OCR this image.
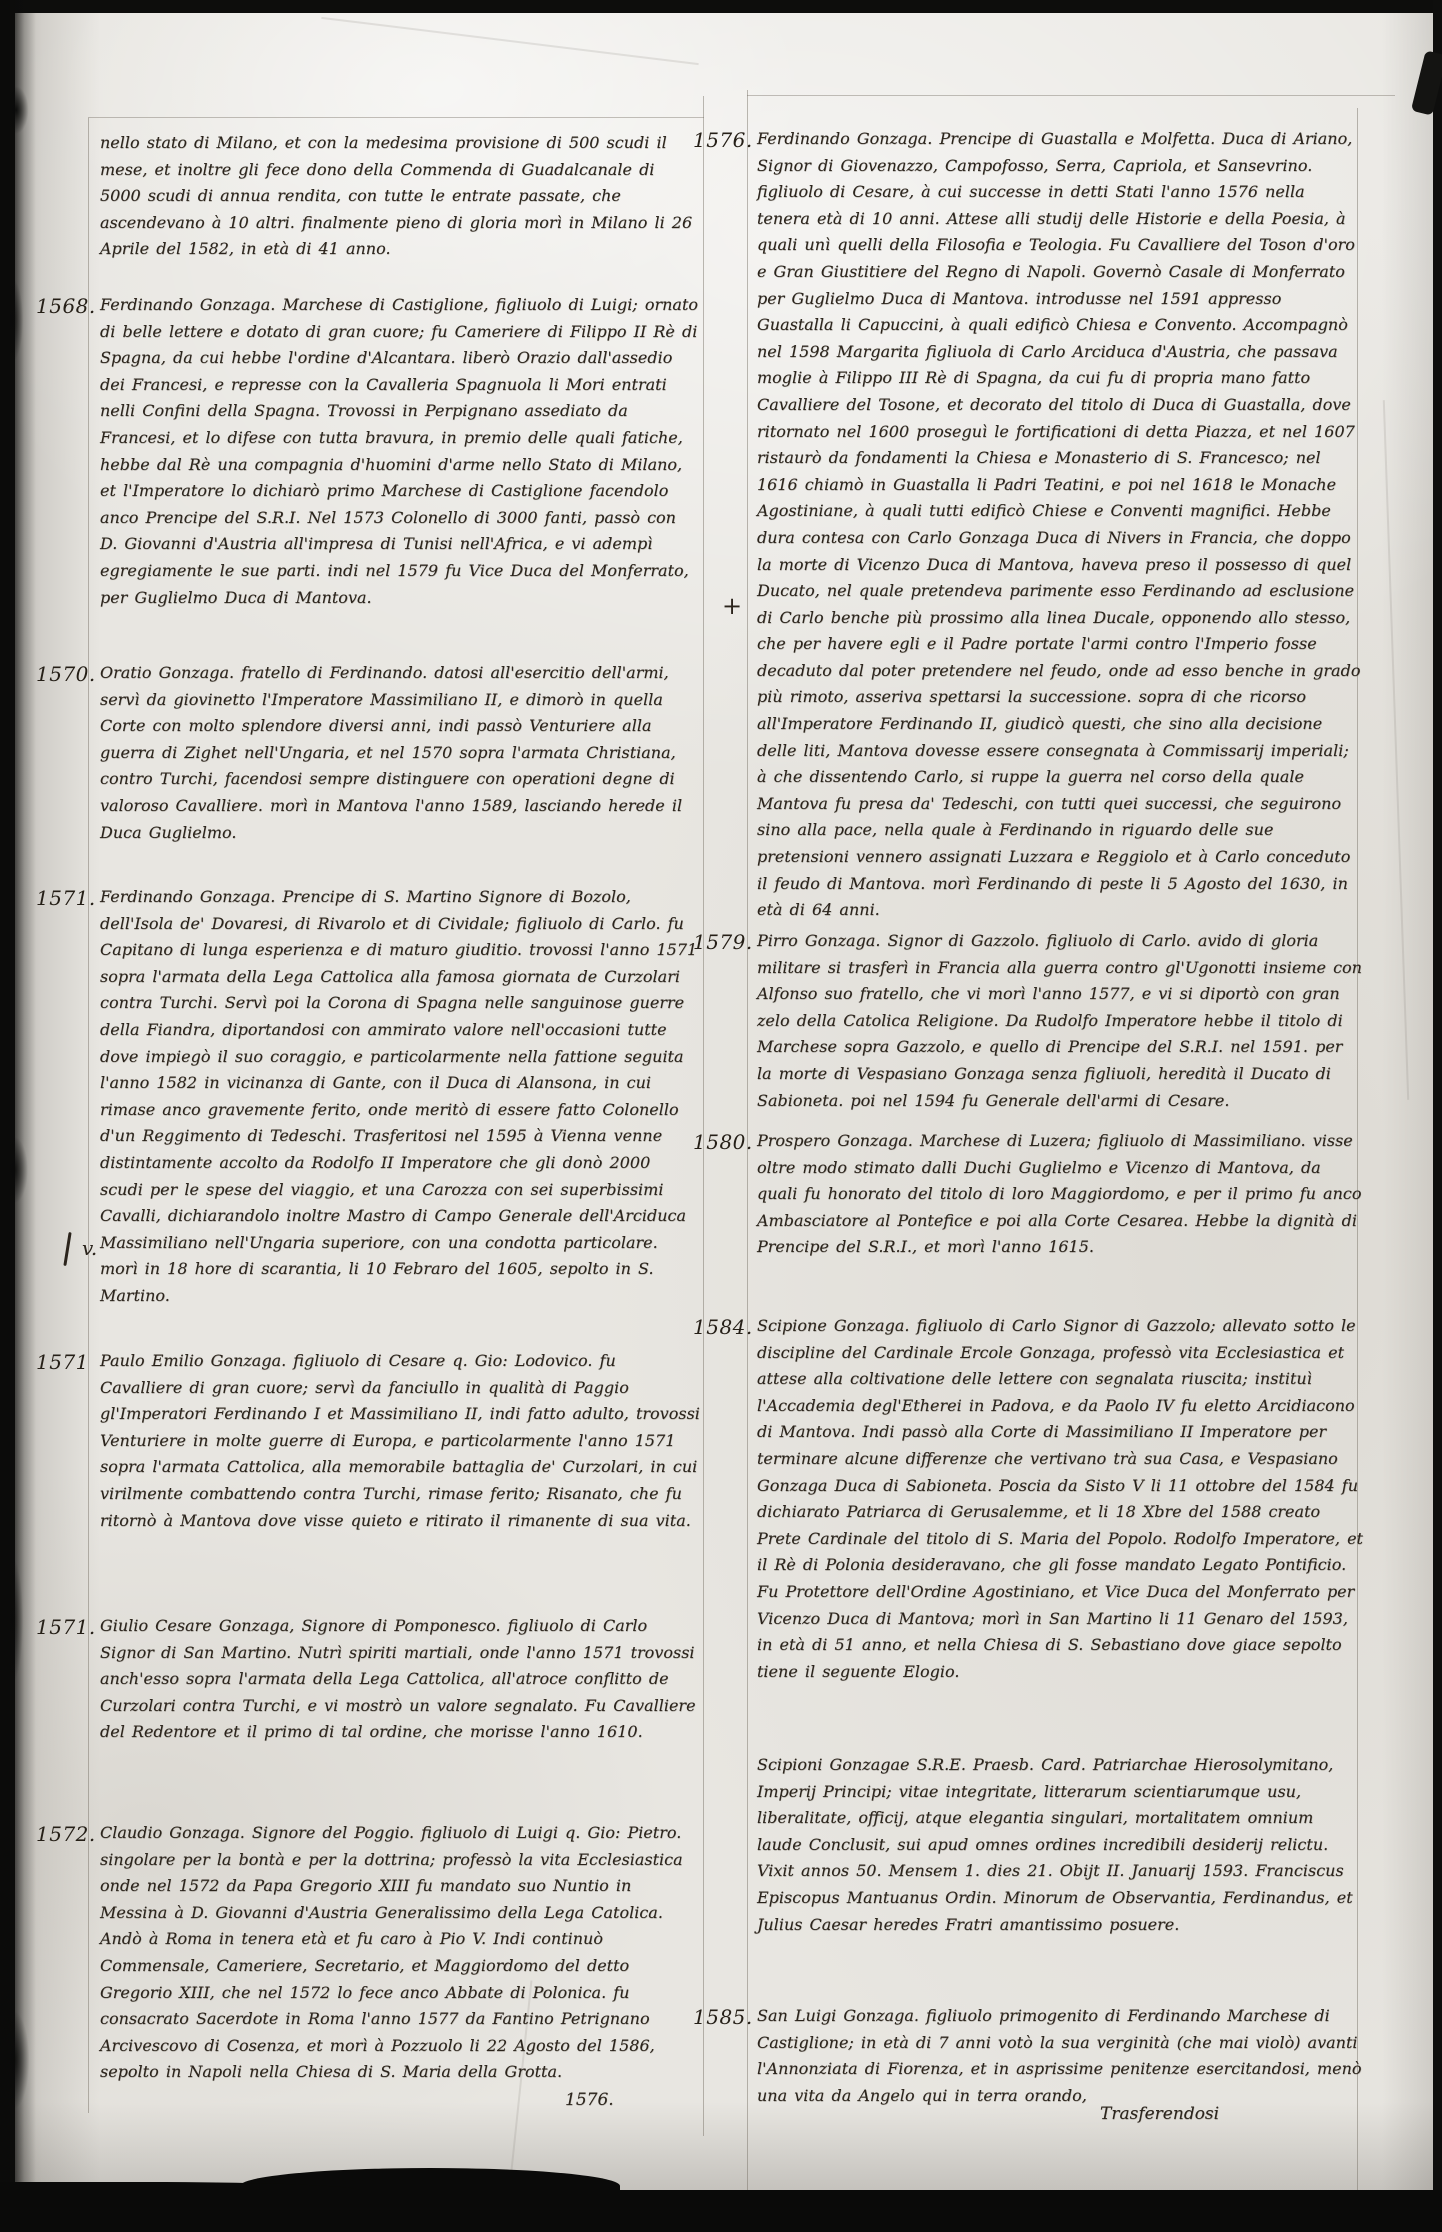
nello stato di Milano, et con la medesima provisione di 500 scudi il mese, et inoltre gli fece dono della Commenda di Guadalcanale di 5000 scudi di annua rendita, con tutte le entrate passate, che ascendevano à 10 altri. finalmente pieno di gloria morì in Milano li 26 Aprile del 1582, in età di 41 anno.
1568. Ferdinando Gonzaga. Marchese di Castiglione, figliuolo di Luigi; ornato di belle lettere e dotato di gran cuore; fu Cameriere di Filippo II Rè di Spagna, da cui hebbe l'ordine d'Alcantara. liberò Orazio dall'assedio dei Francesi, e represse con la Cavalleria Spagnuola li Mori entrati nelli Confini della Spagna. Trovossi in Perpignano assediato da Francesi, et lo difese con tutta bravura, in premio delle quali fatiche, hebbe dal Rè una compagnia d'huomini d'arme nello Stato di Milano, et l'Imperatore lo dichiarò primo Marchese di Castiglione facendolo anco Prencipe del S.R.I. Nel 1573 Colonello di 3000 fanti, passò con D. Giovanni d'Austria all'impresa di Tunisi nell'Africa, e vi adempì egregiamente le sue parti. indi nel 1579 fu Vice Duca del Monferrato, per Guglielmo Duca di Mantova.
1570. Oratio Gonzaga. fratello di Ferdinando. datosi all'esercitio dell'armi, servì da giovinetto l'Imperatore Massimiliano II, e dimorò in quella Corte con molto splendore diversi anni, indi passò Venturiere alla guerra di Zighet nell'Ungaria, et nel 1570 sopra l'armata Christiana, contro Turchi, facendosi sempre distinguere con operationi degne di valoroso Cavalliere. morì in Mantova l'anno 1589, lasciando herede il Duca Guglielmo.
1571. Ferdinando Gonzaga. Prencipe di S. Martino Signore di Bozolo, dell'Isola de' Dovaresi, di Rivarolo et di Cividale; figliuolo di Carlo. fu Capitano di lunga esperienza e di maturo giuditio. trovossi l'anno 1571 sopra l'armata della Lega Cattolica alla famosa giornata de Curzolari contra Turchi. Servì poi la Corona di Spagna nelle sanguinose guerre della Fiandra, diportandosi con ammirato valore nell'occasioni tutte dove impiegò il suo coraggio, e particolarmente nella fattione seguita l'anno 1582 in vicinanza di Gante, con il Duca di Alansona, in cui rimase anco gravemente ferito, onde meritò di essere fatto Colonello d'un Reggimento di Tedeschi. Trasferitosi nel 1595 à Vienna venne distintamente accolto da Rodolfo II Imperatore che gli donò 2000 scudi per le spese del viaggio, et una Carozza con sei superbissimi Cavalli, dichiarandolo inoltre Mastro di Campo Generale dell'Arciduca Massimiliano nell'Ungaria superiore, con una condotta particolare. morì in 18 hore di scarantia, li 10 Febraro del 1605, sepolto in S. Martino.
1571 Paulo Emilio Gonzaga. figliuolo di Cesare q. Gio: Lodovico. fu Cavalliere di gran cuore; servì da fanciullo in qualità di Paggio gl'Imperatori Ferdinando I et Massimiliano II, indi fatto adulto, trovossi Venturiere in molte guerre di Europa, e particolarmente l'anno 1571 sopra l'armata Cattolica, alla memorabile battaglia de' Curzolari, in cui virilmente combattendo contra Turchi, rimase ferito; Risanato, che fu ritornò à Mantova dove visse quieto e ritirato il rimanente di sua vita.
1571. Giulio Cesare Gonzaga, Signore di Pomponesco. figliuolo di Carlo Signor di San Martino. Nutrì spiriti martiali, onde l'anno 1571 trovossi anch'esso sopra l'armata della Lega Cattolica, all'atroce conflitto de Curzolari contra Turchi, e vi mostrò un valore segnalato. Fu Cavalliere del Redentore et il primo di tal ordine, che morisse l'anno 1610.
1572. Claudio Gonzaga. Signore del Poggio. figliuolo di Luigi q. Gio: Pietro. singolare per la bontà e per la dottrina; professò la vita Ecclesiastica onde nel 1572 da Papa Gregorio XIII fu mandato suo Nuntio in Messina à D. Giovanni d'Austria Generalissimo della Lega Catolica. Andò à Roma in tenera età et fu caro à Pio V. Indi continuò Commensale, Cameriere, Secretario, et Maggiordomo del detto Gregorio XIII, che nel 1572 lo fece anco Abbate di Polonica. fu consacrato Sacerdote in Roma l'anno 1577 da Fantino Petrignano Arcivescovo di Cosenza, et morì à Pozzuolo li 22 Agosto del 1586, sepolto in Napoli nella Chiesa di S. Maria della Grotta.
1576.
1576. Ferdinando Gonzaga. Prencipe di Guastalla e Molfetta. Duca di Ariano, Signor di Giovenazzo, Campofosso, Serra, Capriola, et Sansevrino. figliuolo di Cesare, à cui successe in detti Stati l'anno 1576 nella tenera età di 10 anni. Attese alli studij delle Historie e della Poesia, à quali unì quelli della Filosofia e Teologia. Fu Cavalliere del Toson d'oro e Gran Giustitiere del Regno di Napoli. Governò Casale di Monferrato per Guglielmo Duca di Mantova. introdusse nel 1591 appresso Guastalla li Capuccini, à quali edificò Chiesa e Convento. Accompagnò nel 1598 Margarita figliuola di Carlo Arciduca d'Austria, che passava moglie à Filippo III Rè di Spagna, da cui fu di propria mano fatto Cavalliere del Tosone, et decorato del titolo di Duca di Guastalla, dove ritornato nel 1600 proseguì le fortificationi di detta Piazza, et nel 1607 ristaurò da fondamenti la Chiesa e Monasterio di S. Francesco; nel 1616 chiamò in Guastalla li Padri Teatini, e poi nel 1618 le Monache Agostiniane, à quali tutti edificò Chiese e Conventi magnifici. Hebbe dura contesa con Carlo Gonzaga Duca di Nivers in Francia, che doppo la morte di Vicenzo Duca di Mantova, haveva preso il possesso di quel Ducato, nel quale pretendeva parimente esso Ferdinando ad esclusione di Carlo benche più prossimo alla linea Ducale, opponendo allo stesso, che per havere egli e il Padre portate l'armi contro l'Imperio fosse decaduto dal poter pretendere nel feudo, onde ad esso benche in grado più rimoto, asseriva spettarsi la successione. sopra di che ricorso all'Imperatore Ferdinando II, giudicò questi, che sino alla decisione delle liti, Mantova dovesse essere consegnata à Commissarij imperiali; à che dissentendo Carlo, si ruppe la guerra nel corso della quale Mantova fu presa da' Tedeschi, con tutti quei successi, che seguirono sino alla pace, nella quale à Ferdinando in riguardo delle sue pretensioni vennero assignati Luzzara e Reggiolo et à Carlo conceduto il feudo di Mantova. morì Ferdinando di peste li 5 Agosto del 1630, in età di 64 anni.
1579. Pirro Gonzaga. Signor di Gazzolo. figliuolo di Carlo. avido di gloria militare si trasferì in Francia alla guerra contro gl'Ugonotti insieme con Alfonso suo fratello, che vi morì l'anno 1577, e vi si diportò con gran zelo della Catolica Religione. Da Rudolfo Imperatore hebbe il titolo di Marchese sopra Gazzolo, e quello di Prencipe del S.R.I. nel 1591. per la morte di Vespasiano Gonzaga senza figliuoli, heredità il Ducato di Sabioneta. poi nel 1594 fu Generale dell'armi di Cesare.
1580. Prospero Gonzaga. Marchese di Luzera; figliuolo di Massimiliano. visse oltre modo stimato dalli Duchi Guglielmo e Vicenzo di Mantova, da quali fu honorato del titolo di loro Maggiordomo, e per il primo fu anco Ambasciatore al Pontefice e poi alla Corte Cesarea. Hebbe la dignità di Prencipe del S.R.I., et morì l'anno 1615.
1584. Scipione Gonzaga. figliuolo di Carlo Signor di Gazzolo; allevato sotto le discipline del Cardinale Ercole Gonzaga, professò vita Ecclesiastica et attese alla coltivatione delle lettere con segnalata riuscita; instituì l'Accademia degl'Etherei in Padova, e da Paolo IV fu eletto Arcidiacono di Mantova. Indi passò alla Corte di Massimiliano II Imperatore per terminare alcune differenze che vertivano trà sua Casa, e Vespasiano Gonzaga Duca di Sabioneta. Poscia da Sisto V li 11 ottobre del 1584 fu dichiarato Patriarca di Gerusalemme, et li 18 Xbre del 1588 creato Prete Cardinale del titolo di S. Maria del Popolo. Rodolfo Imperatore, et il Rè di Polonia desideravano, che gli fosse mandato Legato Pontificio. Fu Protettore dell'Ordine Agostiniano, et Vice Duca del Monferrato per Vicenzo Duca di Mantova; morì in San Martino li 11 Genaro del 1593, in età di 51 anno, et nella Chiesa di S. Sebastiano dove giace sepolto tiene il seguente Elogio.
Scipioni Gonzagae S.R.E. Praesb. Card. Patriarchae Hierosolymitano, Imperij Principi; vitae integritate, litterarum scientiarumque usu, liberalitate, officij, atque elegantia singulari, mortalitatem omnium laude Conclusit, sui apud omnes ordines incredibili desiderij relictu. Vixit annos 50. Mensem 1. dies 21. Obijt II. Januarij 1593. Franciscus Episcopus Mantuanus Ordin. Minorum de Observantia, Ferdinandus, et Julius Caesar heredes Fratri amantissimo posuere.
1585. San Luigi Gonzaga. figliuolo primogenito di Ferdinando Marchese di Castiglione; in età di 7 anni votò la sua verginità (che mai violò) avanti l'Annonziata di Fiorenza, et in asprissime penitenze esercitandosi, menò una vita da Angelo qui in terra orando,
Trasferendosi
v.
+
